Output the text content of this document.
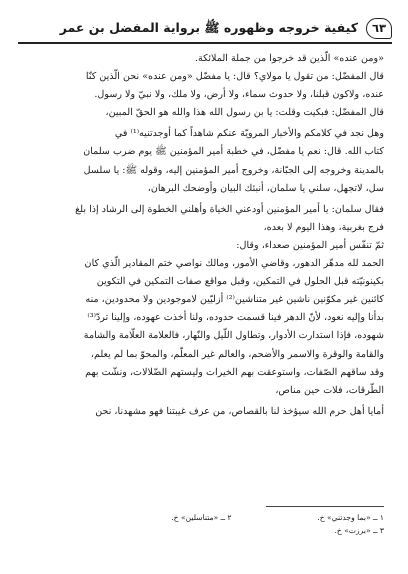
٦٣
كيفية خروجه وظهوره ﷺ برواية المفضل بن عمر

«ومن عنده» الّذين قد خرجوا من جملة الملائكة.

قال المفضّل: من تقول يا مولاي؟ قال: يا مفضّل «ومن عنده» نحن الّذين كنّا

عنده، ولاكون قبلنا، ولا حدوث سماء، ولا أرض، ولا ملك، ولا نبيّ ولا رسول.

قال المفضّل: فبكيت وقلت: يا بن رسول الله هذا والله هو الحقّ المبين،

وهل نجد في كلامكم والأخبار المرويّة عنكم شاهداً كما أوجدتنيه⁽¹⁾ في

كتاب الله. قال: نعم يا مفضّل، في خطبة أمير المؤمنين ﷺ يوم ضرب سلمان

بالمدينة وخروجه إلى الجبّانة، وخروج أمير المؤمنين إليه، وقوله ﷺ: يا سلسل

سل، لاتجهل، سلني يا سلمان، أنبئك البيان وأوضحك البرهان،

فقال سلمان: يا أمير المؤمنين أودعني الخياة وأهلني الخطوة إلى الرشاد إذا بلغ

فرج بغربية، وهذا اليوم لا بعده،

ثمّ تنفّس أمير المؤمنين صعداء، وقال:

الحمد لله مدهّر الدهور، وقاضي الأمور، ومالك نواصي ختم المقادير الّذي كان

بكينونيّته قبل الحلول في التمكين، وقبل مواقع صفات التمكين في التكوين

كائنين غير مكوّنين ناشين غير متناشين⁽²⁾ أزليّين لاموجودين ولا محدودين، منه

بدأنا وإليه نعود، لأنّ الدهر فينا قسمت حدوده، ولنا أخذت عهوده، وإلينا تردّ⁽³⁾

شهوده، فإذا استدارت الأدوار، وتطاول اللّيل والنّهار، فالعلامة العلّامة والشامة

والقامة والوقرة والاسمر والأضحم، والعالم غير المعلّم، والمحوّ بما لم يعلم،

وقد ساقهم الصّفات، واستوعقت بهم الخيرات وليستهم الضّلالات، ونشّت بهم

الطّرقات، فلات حين مناص،

أمايا أهل حرم الله سيؤخذ لنا بالقصاص، من عرف غيبتنا فهو مشهدنا، نحن

١ ــ «بما وجدتني» خ. ٢ ــ «متناسلين» خ.
٣ ــ «برزت» خ.
